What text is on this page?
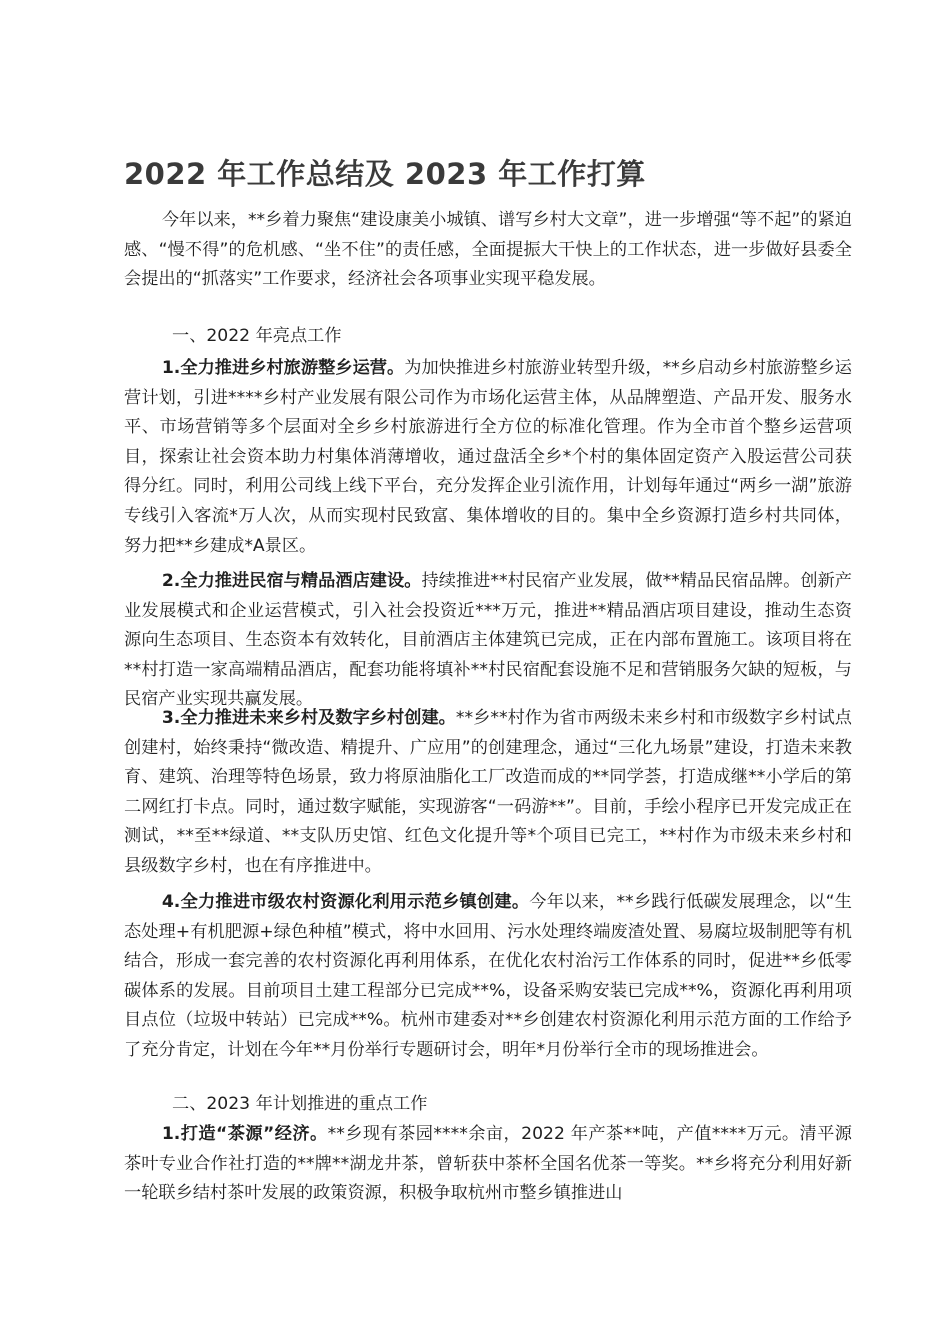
2022 年工作总结及 2023 年工作打算

今年以来，**乡着力聚焦“建设康美小城镇、谱写乡村大文章”，进一步增强“等不起”的紧迫感、“慢不得”的危机感、“坐不住”的责任感，全面提振大干快上的工作状态，进一步做好县委全会提出的“抓落实”工作要求，经济社会各项事业实现平稳发展。

一、2022 年亮点工作

1.全力推进乡村旅游整乡运营。为加快推进乡村旅游业转型升级，**乡启动乡村旅游整乡运营计划，引进****乡村产业发展有限公司作为市场化运营主体，从品牌塑造、产品开发、服务水平、市场营销等多个层面对全乡乡村旅游进行全方位的标准化管理。作为全市首个整乡运营项目，探索让社会资本助力村集体消薄增收，通过盘活全乡*个村的集体固定资产入股运营公司获得分红。同时，利用公司线上线下平台，充分发挥企业引流作用，计划每年通过“两乡一湖”旅游专线引入客流*万人次，从而实现村民致富、集体增收的目的。集中全乡资源打造乡村共同体，努力把**乡建成*A景区。

2.全力推进民宿与精品酒店建设。持续推进**村民宿产业发展，做**精品民宿品牌。创新产业发展模式和企业运营模式，引入社会投资近***万元，推进**精品酒店项目建设，推动生态资源向生态项目、生态资本有效转化，目前酒店主体建筑已完成，正在内部布置施工。该项目将在**村打造一家高端精品酒店，配套功能将填补**村民宿配套设施不足和营销服务欠缺的短板，与民宿产业实现共赢发展。

3.全力推进未来乡村及数字乡村创建。**乡**村作为省市两级未来乡村和市级数字乡村试点创建村，始终秉持“微改造、精提升、广应用”的创建理念，通过“三化九场景”建设，打造未来教育、建筑、治理等特色场景，致力将原油脂化工厂改造而成的**同学荟，打造成继**小学后的第二网红打卡点。同时，通过数字赋能，实现游客“一码游**”。目前，手绘小程序已开发完成正在测试，**至**绿道、**支队历史馆、红色文化提升等*个项目已完工，**村作为市级未来乡村和县级数字乡村，也在有序推进中。

4.全力推进市级农村资源化利用示范乡镇创建。今年以来，**乡践行低碳发展理念，以“生态处理+有机肥源+绿色种植”模式，将中水回用、污水处理终端废渣处置、易腐垃圾制肥等有机结合，形成一套完善的农村资源化再利用体系，在优化农村治污工作体系的同时，促进**乡低零碳体系的发展。目前项目土建工程部分已完成**%，设备采购安装已完成**%，资源化再利用项目点位（垃圾中转站）已完成**%。杭州市建委对**乡创建农村资源化利用示范方面的工作给予了充分肯定，计划在今年**月份举行专题研讨会，明年*月份举行全市的现场推进会。

二、2023 年计划推进的重点工作

1.打造“茶源”经济。**乡现有茶园****余亩，2022 年产茶**吨，产值****万元。清平源茶叶专业合作社打造的**牌**湖龙井茶，曾斩获中茶杯全国名优茶一等奖。**乡将充分利用好新一轮联乡结村茶叶发展的政策资源，积极争取杭州市整乡镇推进山
